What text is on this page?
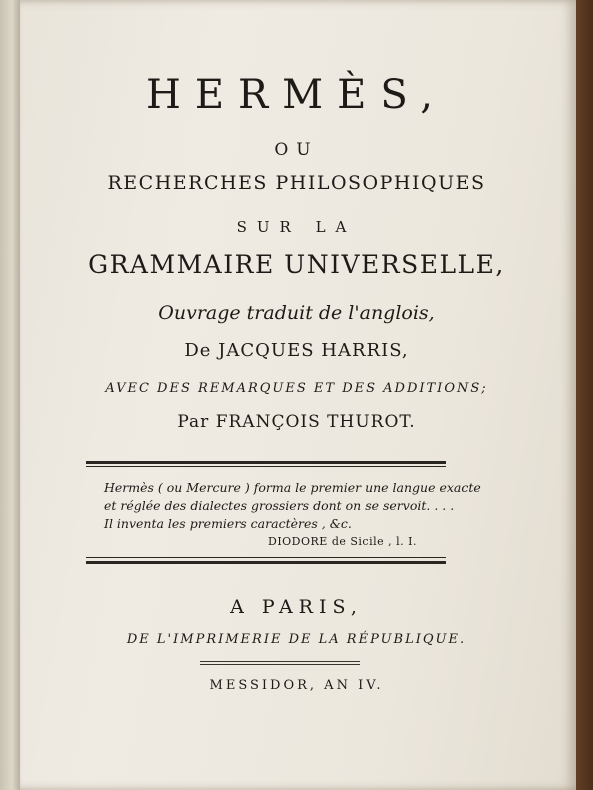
HERMÈS,
OU
RECHERCHES PHILOSOPHIQUES
SUR LA
GRAMMAIRE UNIVERSELLE,
Ouvrage traduit de l'anglois,
De JACQUES HARRIS,
AVEC DES REMARQUES ET DES ADDITIONS;
Par FRANÇOIS THUROT.
Hermès ( ou Mercure ) forma le premier une langue exacte
et réglée des dialectes grossiers dont on se servoit. . . .
Il inventa les premiers caractères , &c.
DIODORE de Sicile , l. I.
A PARIS,
DE L'IMPRIMERIE DE LA RÉPUBLIQUE.
MESSIDOR, AN IV.
